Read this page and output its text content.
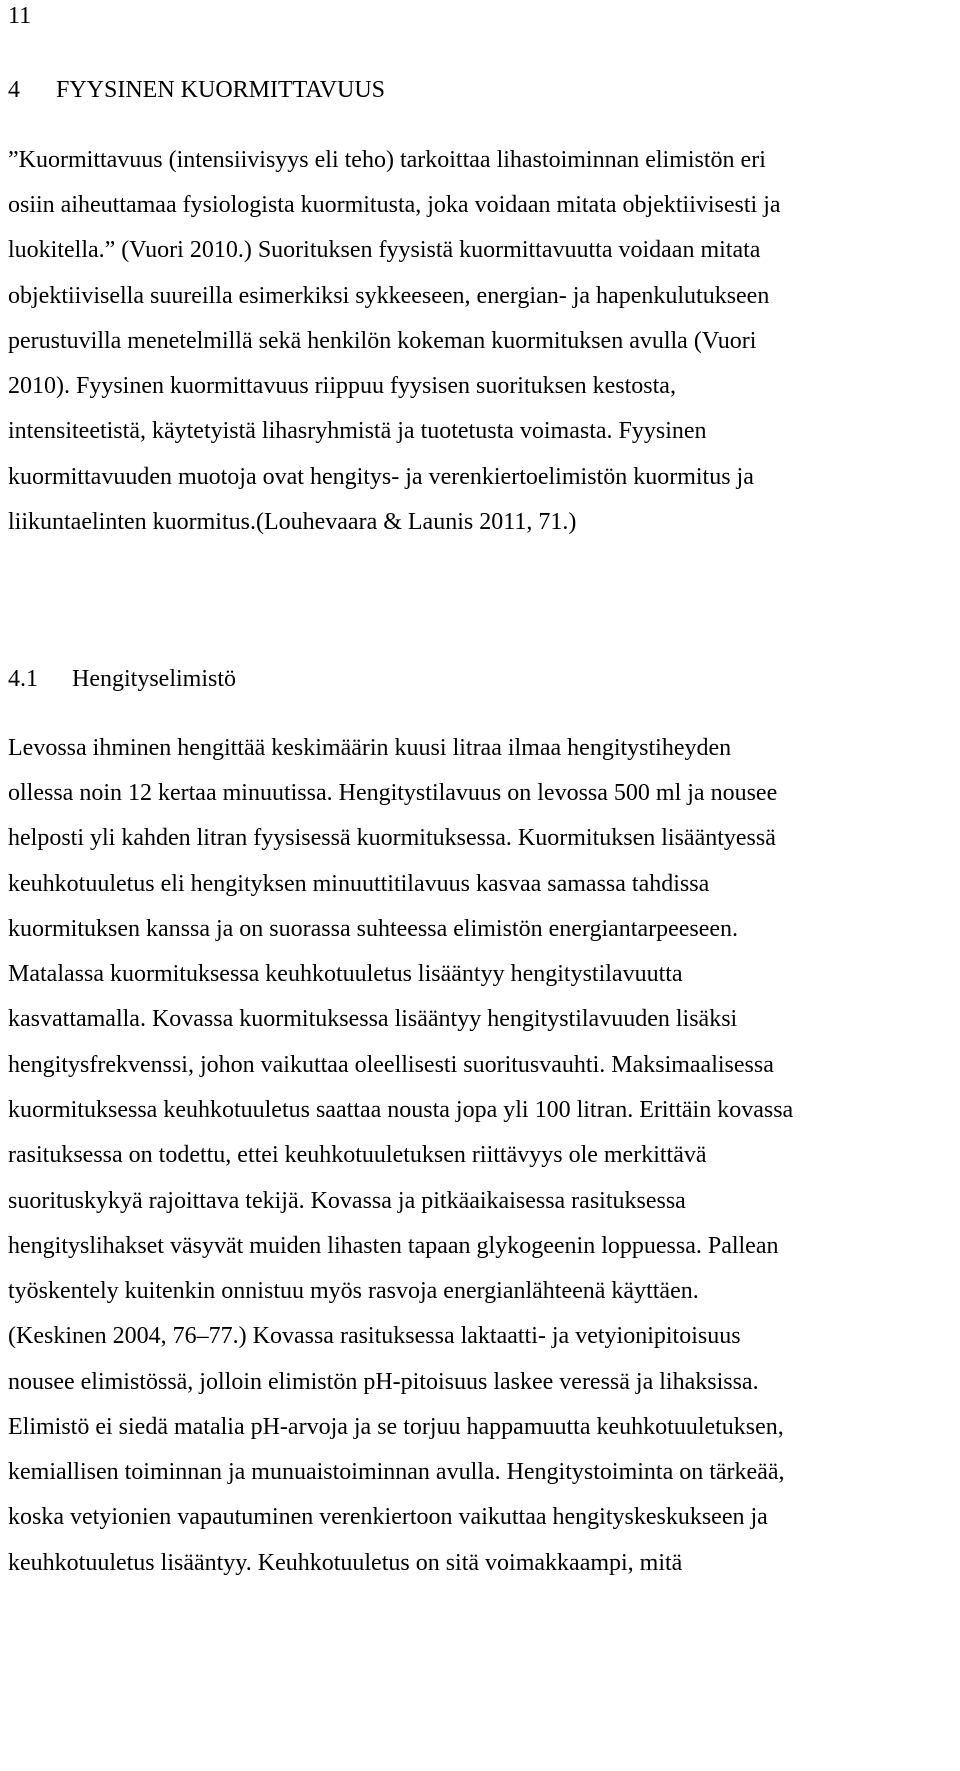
11
4 FYYSINEN KUORMITTAVUUS
”Kuormittavuus (intensiivisyys eli teho) tarkoittaa lihastoiminnan elimistön eri
osiin aiheuttamaa fysiologista kuormitusta, joka voidaan mitata objektiivisesti ja
luokitella.” (Vuori 2010.) Suorituksen fyysistä kuormittavuutta voidaan mitata
objektiivisella suureilla esimerkiksi sykkeeseen, energian- ja hapenkulutukseen
perustuvilla menetelmillä sekä henkilön kokeman kuormituksen avulla (Vuori
2010). Fyysinen kuormittavuus riippuu fyysisen suorituksen kestosta,
intensiteetistä, käytetyistä lihasryhmistä ja tuotetusta voimasta. Fyysinen
kuormittavuuden muotoja ovat hengitys- ja verenkiertoelimistön kuormitus ja
liikuntaelinten kuormitus.(Louhevaara & Launis 2011, 71.)
4.1 Hengityselimistö
Levossa ihminen hengittää keskimäärin kuusi litraa ilmaa hengitystiheyden
ollessa noin 12 kertaa minuutissa. Hengitystilavuus on levossa 500 ml ja nousee
helposti yli kahden litran fyysisessä kuormituksessa. Kuormituksen lisääntyessä
keuhkotuuletus eli hengityksen minuuttitilavuus kasvaa samassa tahdissa
kuormituksen kanssa ja on suorassa suhteessa elimistön energiantarpeeseen.
Matalassa kuormituksessa keuhkotuuletus lisääntyy hengitystilavuutta
kasvattamalla. Kovassa kuormituksessa lisääntyy hengitystilavuuden lisäksi
hengitysfrekvenssi, johon vaikuttaa oleellisesti suoritusvauhti. Maksimaalisessa
kuormituksessa keuhkotuuletus saattaa nousta jopa yli 100 litran. Erittäin kovassa
rasituksessa on todettu, ettei keuhkotuuletuksen riittävyys ole merkittävä
suorituskykyä rajoittava tekijä. Kovassa ja pitkäaikaisessa rasituksessa
hengityslihakset väsyvät muiden lihasten tapaan glykogeenin loppuessa. Pallean
työskentely kuitenkin onnistuu myös rasvoja energianlähteenä käyttäen.
(Keskinen 2004, 76–77.) Kovassa rasituksessa laktaatti- ja vetyionipitoisuus
nousee elimistössä, jolloin elimistön pH-pitoisuus laskee veressä ja lihaksissa.
Elimistö ei siedä matalia pH-arvoja ja se torjuu happamuutta keuhkotuuletuksen,
kemiallisen toiminnan ja munuaistoiminnan avulla. Hengitystoiminta on tärkeää,
koska vetyionien vapautuminen verenkiertoon vaikuttaa hengityskeskukseen ja
keuhkotuuletus lisääntyy. Keuhkotuuletus on sitä voimakkaampi, mitä
